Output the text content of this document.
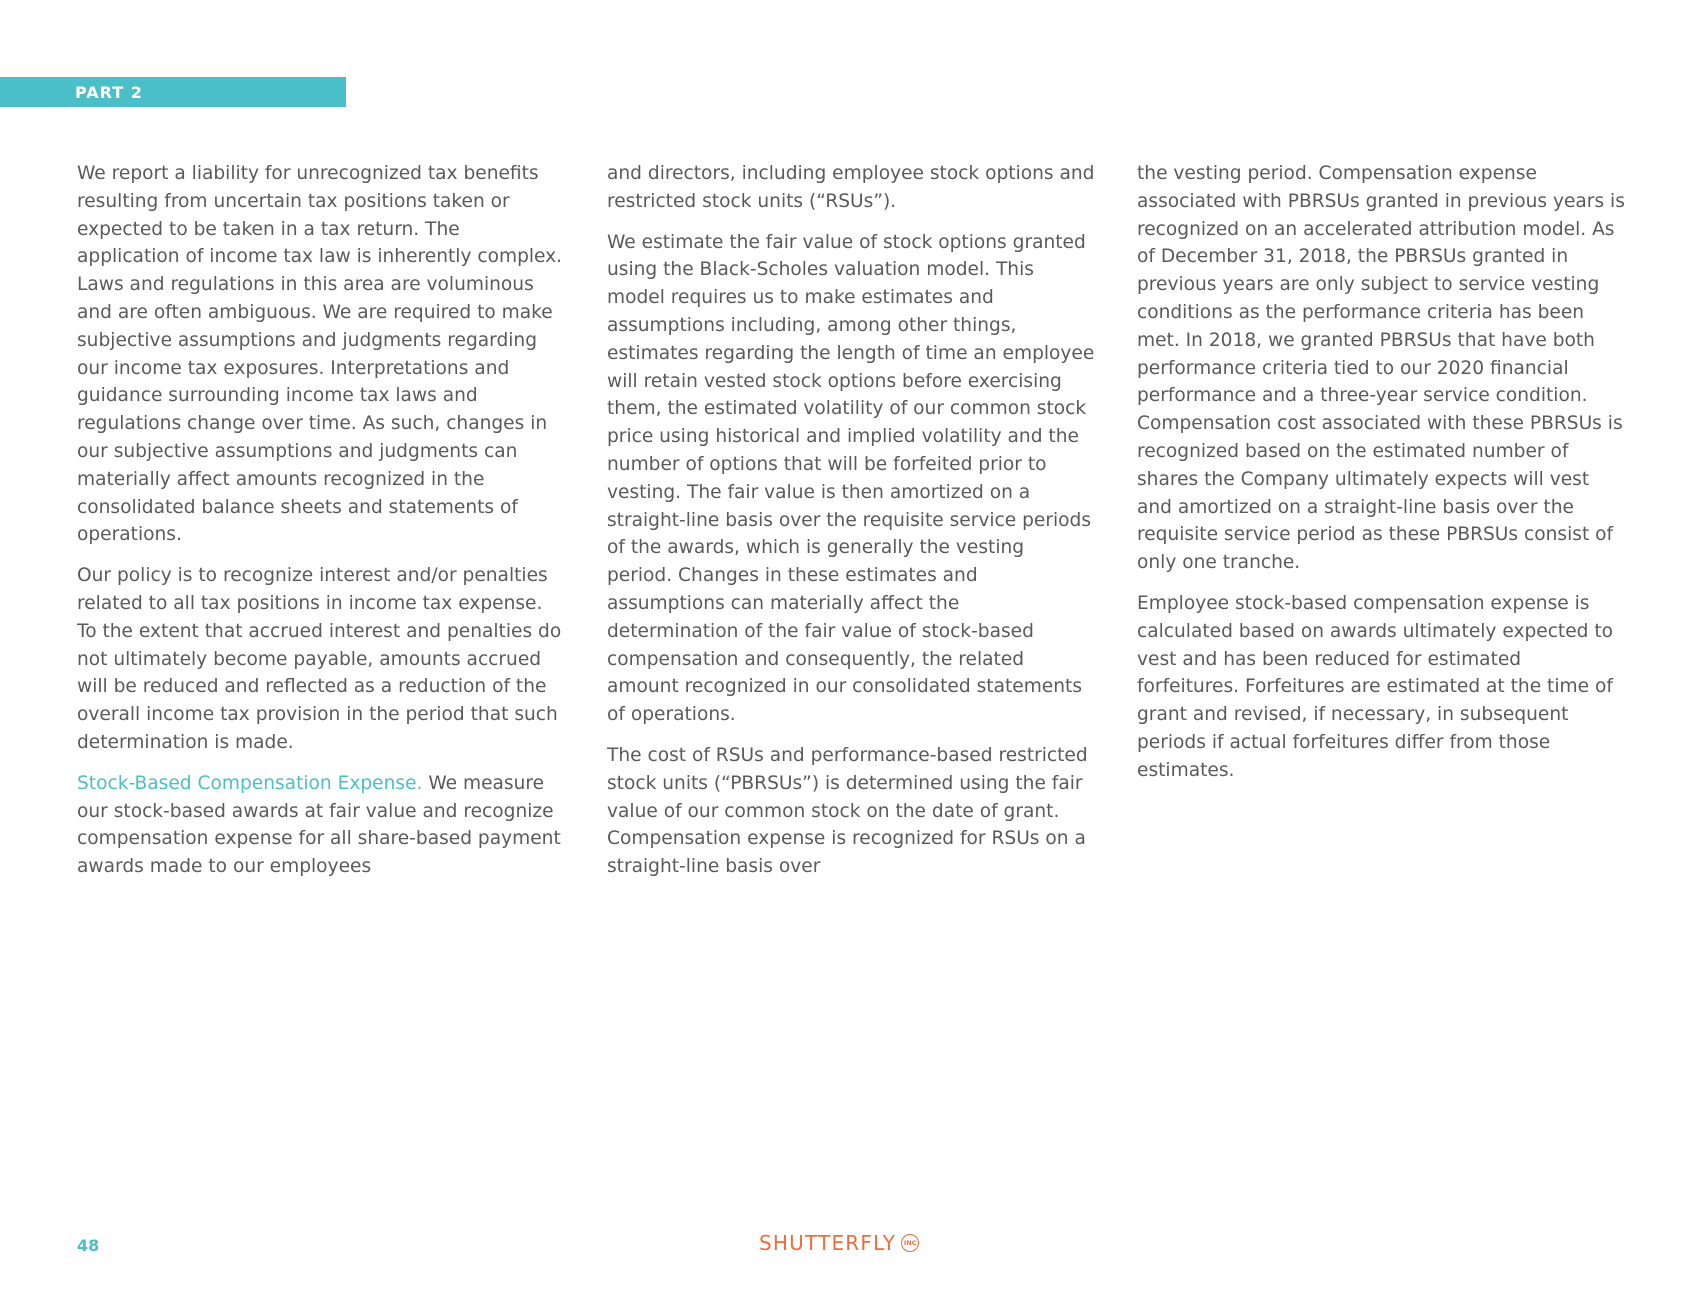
PART 2

We report a liability for unrecognized tax benefits resulting from uncertain tax positions taken or expected to be taken in a tax return. The application of income tax law is inherently complex. Laws and regulations in this area are voluminous and are often ambiguous. We are required to make subjective assumptions and judgments regarding our income tax exposures. Interpretations and guidance surrounding income tax laws and regulations change over time. As such, changes in our subjective assumptions and judgments can materially affect amounts recognized in the consolidated balance sheets and statements of operations.

Our policy is to recognize interest and/or penalties related to all tax positions in income tax expense. To the extent that accrued interest and penalties do not ultimately become payable, amounts accrued will be reduced and reflected as a reduction of the overall income tax provision in the period that such determination is made.

Stock-Based Compensation Expense. We measure our stock-based awards at fair value and recognize compensation expense for all share-based payment awards made to our employees

and directors, including employee stock options and restricted stock units (“RSUs”).

We estimate the fair value of stock options granted using the Black-Scholes valuation model. This model requires us to make estimates and assumptions including, among other things, estimates regarding the length of time an employee will retain vested stock options before exercising them, the estimated volatility of our common stock price using historical and implied volatility and the number of options that will be forfeited prior to vesting. The fair value is then amortized on a straight-line basis over the requisite service periods of the awards, which is generally the vesting period. Changes in these estimates and assumptions can materially affect the determination of the fair value of stock-based compensation and consequently, the related amount recognized in our consolidated statements of operations.

The cost of RSUs and performance-based restricted stock units (“PBRSUs”) is determined using the fair value of our common stock on the date of grant. Compensation expense is recognized for RSUs on a straight-line basis over

the vesting period. Compensation expense associated with PBRSUs granted in previous years is recognized on an accelerated attribution model. As of December 31, 2018, the PBRSUs granted in previous years are only subject to service vesting conditions as the performance criteria has been met. In 2018, we granted PBRSUs that have both performance criteria tied to our 2020 financial performance and a three-year service condition. Compensation cost associated with these PBRSUs is recognized based on the estimated number of shares the Company ultimately expects will vest and amortized on a straight-line basis over the requisite service period as these PBRSUs consist of only one tranche.

Employee stock-based compensation expense is calculated based on awards ultimately expected to vest and has been reduced for estimated forfeitures. Forfeitures are estimated at the time of grant and revised, if necessary, in subsequent periods if actual forfeitures differ from those estimates.

48	SHUTTERFLY	INC
